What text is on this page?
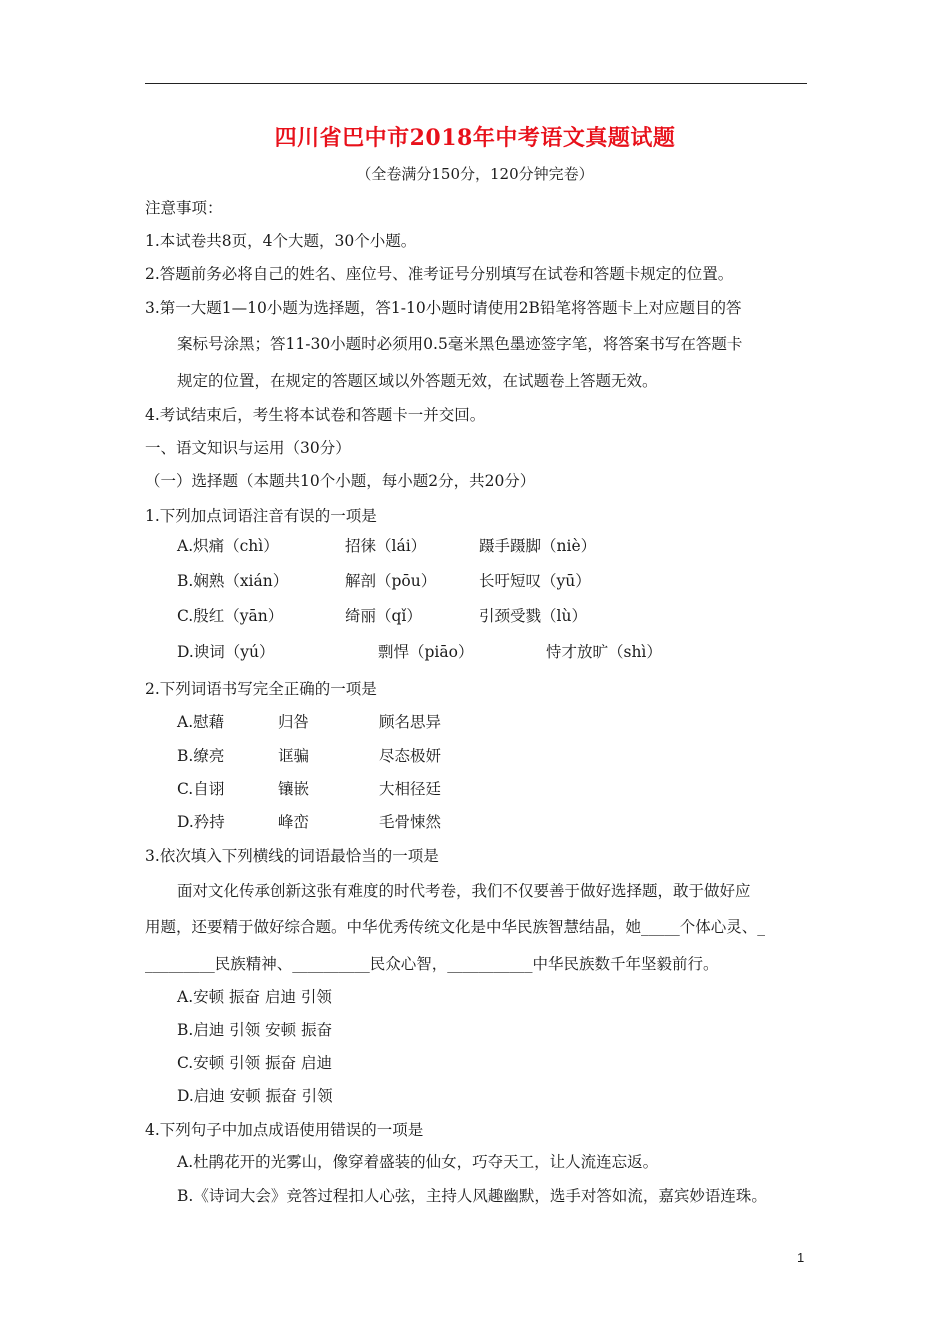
四川省巴中市2018年中考语文真题试题
（全卷满分150分，120分钟完卷）
注意事项：
1.本试卷共8页，4个大题，30个小题。
2.答题前务必将自己的姓名、座位号、准考证号分别填写在试卷和答题卡规定的位置。
3.第一大题1—10小题为选择题，答1-10小题时请使用2B铅笔将答题卡上对应题目的答
案标号涂黑；答11-30小题时必须用0.5毫米黑色墨迹签字笔，将答案书写在答题卡
规定的位置，在规定的答题区域以外答题无效，在试题卷上答题无效。
4.考试结束后，考生将本试卷和答题卡一并交回。
一、语文知识与运用（30分）
（一）选择题（本题共10个小题，每小题2分，共20分）
1.下列加点词语注音有误的一项是
A.炽痛（chì）	招徕（lái）	蹑手蹑脚（niè）
B.娴熟（xián）	解剖（pōu）	长吁短叹（yū）
C.殷红（yān）	绮丽（qǐ）	引颈受戮（lù）
D.谀词（yú）	剽悍（piāo）	恃才放旷（shì）
2.下列词语书写完全正确的一项是
A.慰藉	归咎	顾名思异
B.缭亮	诓骗	尽态极妍
C.自诩	镶嵌	大相径廷
D.矜持	峰峦	毛骨悚然
3.依次填入下列横线的词语最恰当的一项是
面对文化传承创新这张有难度的时代考卷，我们不仅要善于做好选择题，敢于做好应
用题，还要精于做好综合题。中华优秀传统文化是中华民族智慧结晶，她_____个体心灵、_
_________民族精神、__________民众心智，___________中华民族数千年坚毅前行。
A.安顿 振奋 启迪 引领
B.启迪 引领 安顿 振奋
C.安顿 引领 振奋 启迪
D.启迪 安顿 振奋 引领
4.下列句子中加点成语使用错误的一项是
A.杜鹃花开的光雾山，像穿着盛装的仙女，巧夺天工，让人流连忘返。
B.《诗词大会》竞答过程扣人心弦，主持人风趣幽默，选手对答如流，嘉宾妙语连珠。
1
